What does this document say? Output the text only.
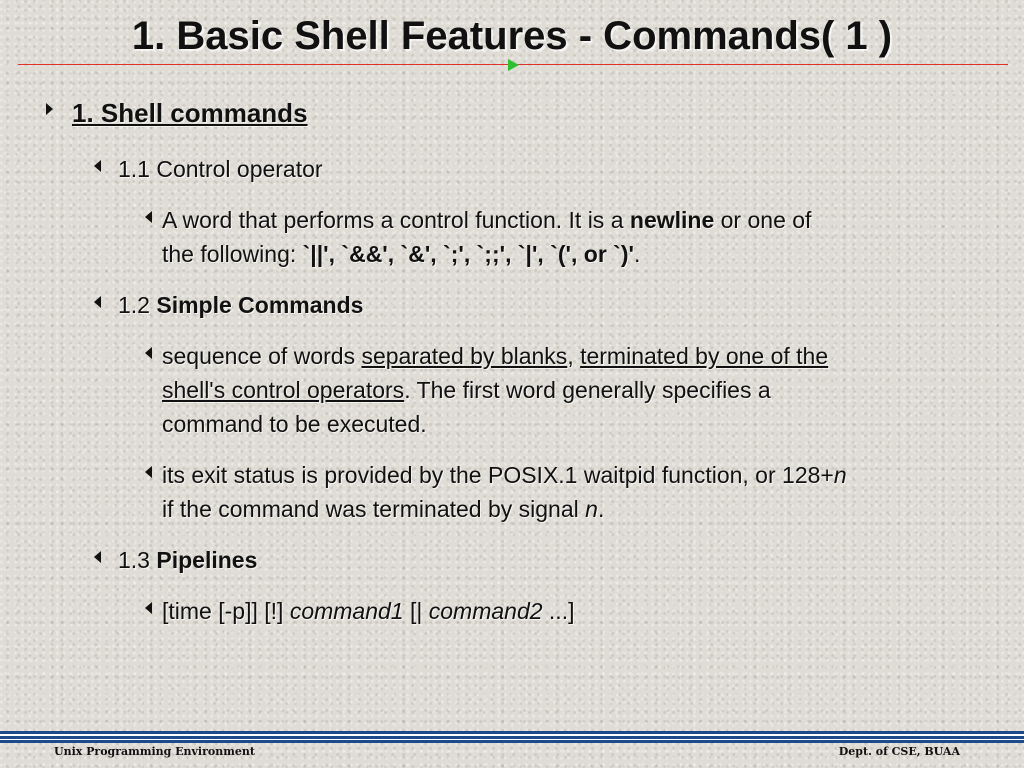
1. Basic Shell Features - Commands( 1 )
1. Shell commands
1.1 Control operator
A word that performs a control function. It is a newline or one of
the following: `||', `&&', `&', `;', `;;', `|', `(', or `)'.
1.2 Simple Commands
sequence of words separated by blanks, terminated by one of the
shell's control operators. The first word generally specifies a
command to be executed.
its exit status is provided by the POSIX.1 waitpid function, or 128+n
if the command was terminated by signal n.
1.3 Pipelines
[time [-p]] [!] command1 [| command2 ...]
Unix Programming Environment	Dept. of CSE, BUAA
